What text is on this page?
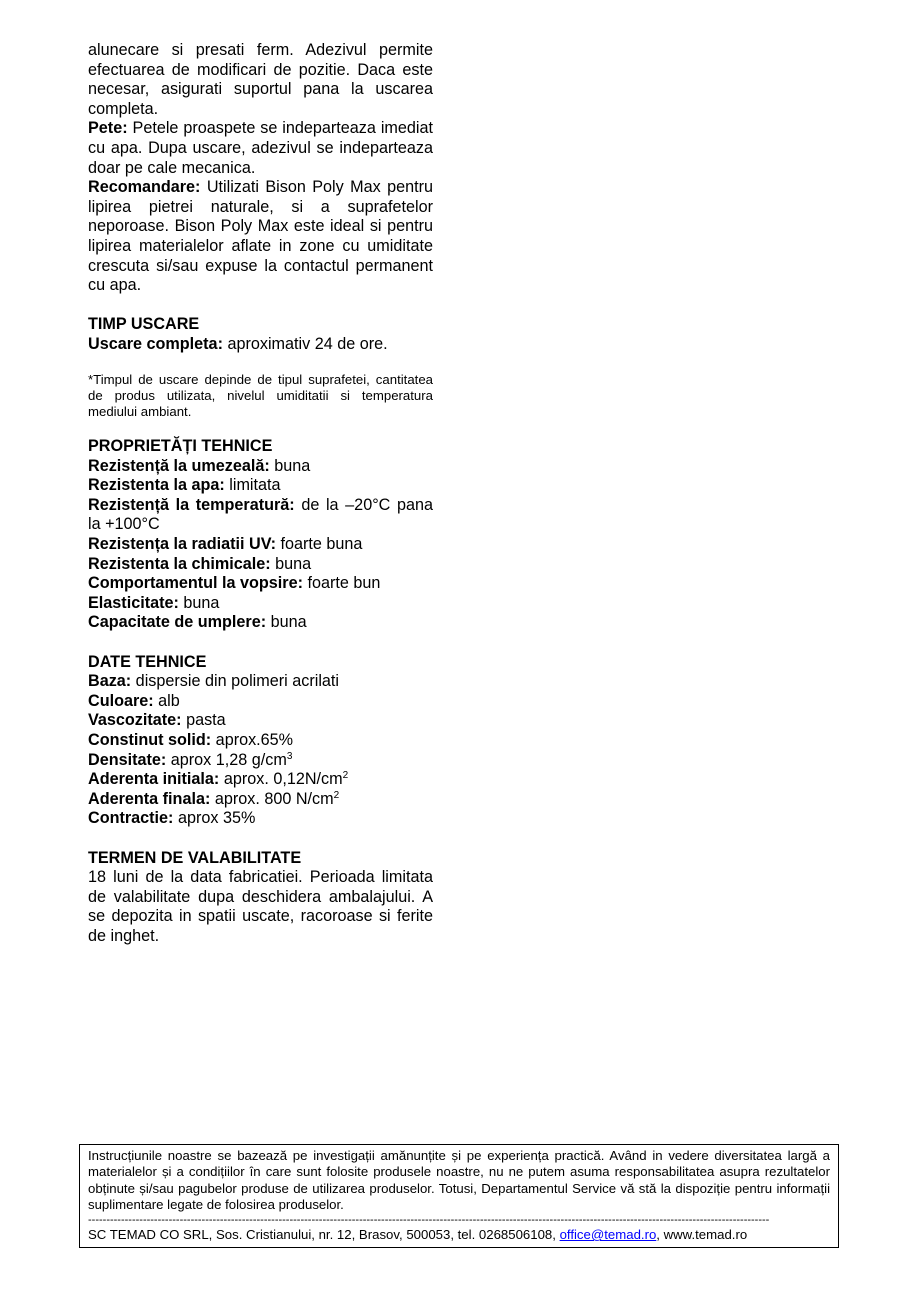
alunecare si presati ferm. Adezivul permite efectuarea de modificari de pozitie. Daca este necesar, asigurati suportul pana la uscarea completa.

Pete: Petele proaspete se indeparteaza imediat cu apa. Dupa uscare, adezivul se indeparteaza doar pe cale mecanica.

Recomandare: Utilizati Bison Poly Max pentru lipirea pietrei naturale, si a suprafetelor neporoase. Bison Poly Max este ideal si pentru lipirea materialelor aflate in zone cu umiditate crescuta si/sau expuse la contactul permanent cu apa.

TIMP USCARE

Uscare completa: aproximativ 24 de ore.

*Timpul de uscare depinde de tipul suprafetei, cantitatea de produs utilizata, nivelul umiditatii si temperatura mediului ambiant.

PROPRIETĂȚI TEHNICE

Rezistență la umezeală: buna

Rezistenta la apa: limitata

Rezistență la temperatură: de la –20°C pana la +100°C

Rezistența la radiatii UV: foarte buna

Rezistenta la chimicale: buna

Comportamentul la vopsire: foarte bun

Elasticitate: buna

Capacitate de umplere: buna

DATE TEHNICE

Baza: dispersie din polimeri acrilati

Culoare: alb

Vascozitate: pasta

Constinut solid: aprox.65%

Densitate: aprox 1,28 $g/cm^3$

Aderenta initiala: aprox. $0,12N/cm^2$

Aderenta finala: aprox. 800 $N/cm^2$

Contractie: aprox 35%

TERMEN DE VALABILITATE

18 luni de la data fabricatiei. Perioada limitata de valabilitate dupa deschidera ambalajului. A se depozita in spatii uscate, racoroase si ferite de inghet.

Instrucțiunile noastre se bazează pe investigații amănunțite și pe experiența practică. Având in vedere diversitatea largă a materialelor și a condițiilor în care sunt folosite produsele noastre, nu ne putem asuma responsabilitatea asupra rezultatelor obținute și/sau pagubelor produse de utilizarea produselor. Totusi, Departamentul Service vă stă la dispoziție pentru informații suplimentare legate de folosirea produselor.

------------------------------------------------------------------------------------------------------------------------------------------------------------------------------------------

SC TEMAD CO SRL, Sos. Cristianului, nr. 12, Brasov, 500053, tel. 0268506108, office@temad.ro, www.temad.ro
